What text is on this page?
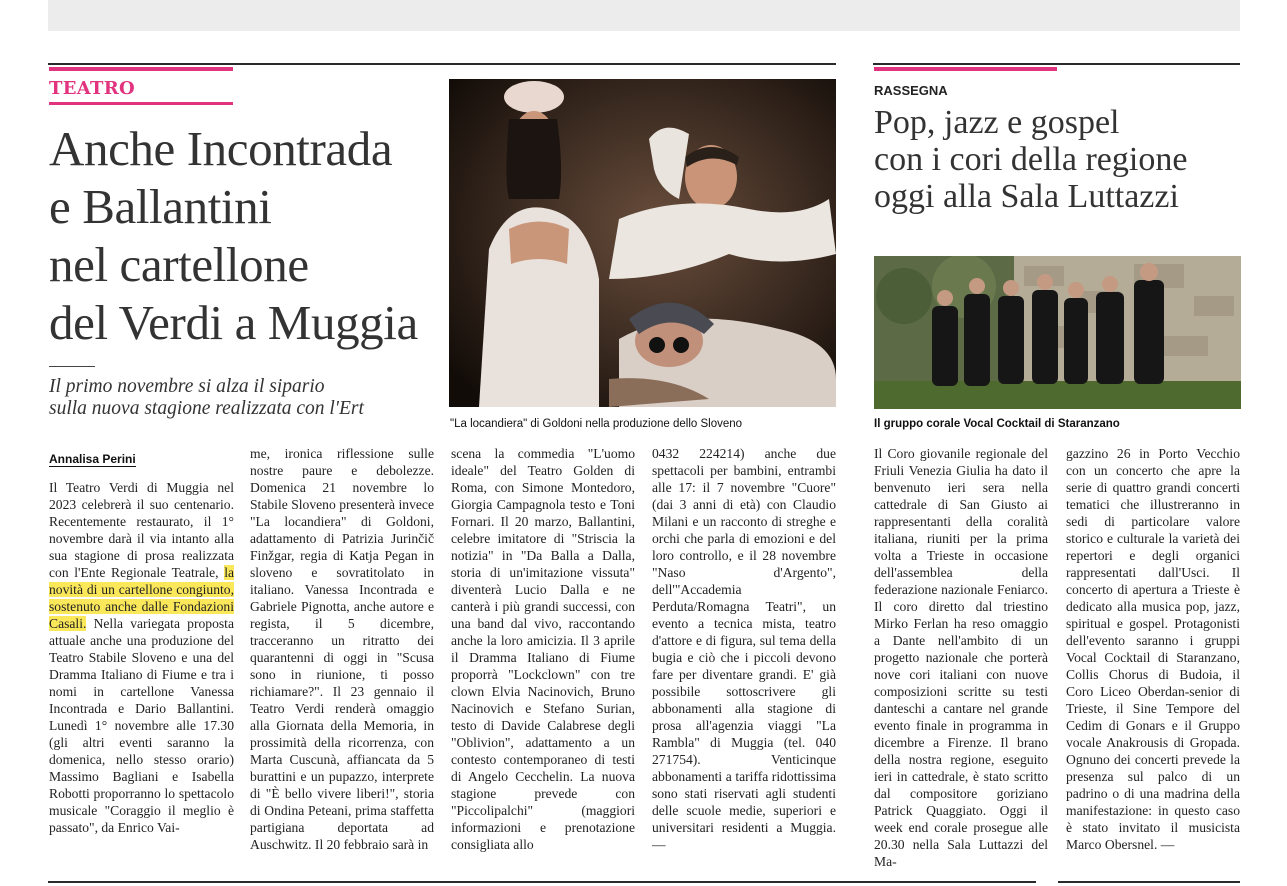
TEATRO
Anche Incontrada
e Ballantini
nel cartellone
del Verdi a Muggia
Il primo novembre si alza il sipario
sulla nuova stagione realizzata con l'Ert
Annalisa Perini
Il Teatro Verdi di Muggia nel 2023 celebrerà il suo centenario. Recentemente restaurato, il 1° novembre darà il via intanto alla sua stagione di prosa realizzata con l'Ente Regionale Teatrale, la novità di un cartellone congiunto, sostenuto anche dalle Fondazioni Casali. Nella variegata proposta attuale anche una produzione del Teatro Stabile Sloveno e una del Dramma Italiano di Fiume e tra i nomi in cartellone Vanessa Incontrada e Dario Ballantini. Lunedì 1° novembre alle 17.30 (gli altri eventi saranno la domenica, nello stesso orario) Massimo Bagliani e Isabella Robotti proporranno lo spettacolo musicale "Coraggio il meglio è passato", da Enrico Vai-
me, ironica riflessione sulle nostre paure e debolezze. Domenica 21 novembre lo Stabile Sloveno presenterà invece "La locandiera" di Goldoni, adattamento di Patrizia Jurinčič Finžgar, regia di Katja Pegan in sloveno e sovratitolato in italiano. Vanessa Incontrada e Gabriele Pignotta, anche autore e regista, il 5 dicembre, tracceranno un ritratto dei quarantenni di oggi in "Scusa sono in riunione, ti posso richiamare?". Il 23 gennaio il Teatro Verdi renderà omaggio alla Giornata della Memoria, in prossimità della ricorrenza, con Marta Cuscunà, affiancata da 5 burattini e un pupazzo, interprete di "È bello vivere liberi!", storia di Ondina Peteani, prima staffetta partigiana deportata ad Auschwitz. Il 20 febbraio sarà in
scena la commedia "L'uomo ideale" del Teatro Golden di Roma, con Simone Montedoro, Giorgia Campagnola testo e Toni Fornari. Il 20 marzo, Ballantini, celebre imitatore di "Striscia la notizia" in "Da Balla a Dalla, storia di un'imitazione vissuta" diventerà Lucio Dalla e ne canterà i più grandi successi, con una band dal vivo, raccontando anche la loro amicizia. Il 3 aprile il Dramma Italiano di Fiume proporrà "Lockclown" con tre clown Elvia Nacinovich, Bruno Nacinovich e Stefano Surian, testo di Davide Calabrese degli "Oblivion", adattamento a un contesto contemporaneo di testi di Angelo Cecchelin. La nuova stagione prevede con "Piccolipalchi" (maggiori informazioni e prenotazione consigliata allo
0432 224214) anche due spettacoli per bambini, entrambi alle 17: il 7 novembre "Cuore" (dai 3 anni di età) con Claudio Milani e un racconto di streghe e orchi che parla di emozioni e del loro controllo, e il 28 novembre "Naso d'Argento", dell'"Accademia Perduta/Romagna Teatri", un evento a tecnica mista, teatro d'attore e di figura, sul tema della bugia e ciò che i piccoli devono fare per diventare grandi. E' già possibile sottoscrivere gli abbonamenti alla stagione di prosa all'agenzia viaggi "La Rambla" di Muggia (tel. 040 271754). Venticinque abbonamenti a tariffa ridottissima sono stati riservati agli studenti delle scuole medie, superiori e universitari residenti a Muggia. —
"La locandiera" di Goldoni nella produzione dello Sloveno
RASSEGNA
Pop, jazz e gospel
con i cori della regione
oggi alla Sala Luttazzi
Il gruppo corale Vocal Cocktail di Staranzano
Il Coro giovanile regionale del Friuli Venezia Giulia ha dato il benvenuto ieri sera nella cattedrale di San Giusto ai rappresentanti della coralità italiana, riuniti per la prima volta a Trieste in occasione dell'assemblea della federazione nazionale Feniarco. Il coro diretto dal triestino Mirko Ferlan ha reso omaggio a Dante nell'ambito di un progetto nazionale che porterà nove cori italiani con nuove composizioni scritte su testi danteschi a cantare nel grande evento finale in programma in dicembre a Firenze. Il brano della nostra regione, eseguito ieri in cattedrale, è stato scritto dal compositore goriziano Patrick Quaggiato. Oggi il week end corale prosegue alle 20.30 nella Sala Luttazzi del Ma-
gazzino 26 in Porto Vecchio con un concerto che apre la serie di quattro grandi concerti tematici che illustreranno in sedi di particolare valore storico e culturale la varietà dei repertori e degli organici rappresentati dall'Usci. Il concerto di apertura a Trieste è dedicato alla musica pop, jazz, spiritual e gospel. Protagonisti dell'evento saranno i gruppi Vocal Cocktail di Staranzano, Collis Chorus di Budoia, il Coro Liceo Oberdan-senior di Trieste, il Sine Tempore del Cedim di Gonars e il Gruppo vocale Anakrousis di Gropada. Ognuno dei concerti prevede la presenza sul palco di un padrino o di una madrina della manifestazione: in questo caso è stato invitato il musicista Marco Obersnel. —
